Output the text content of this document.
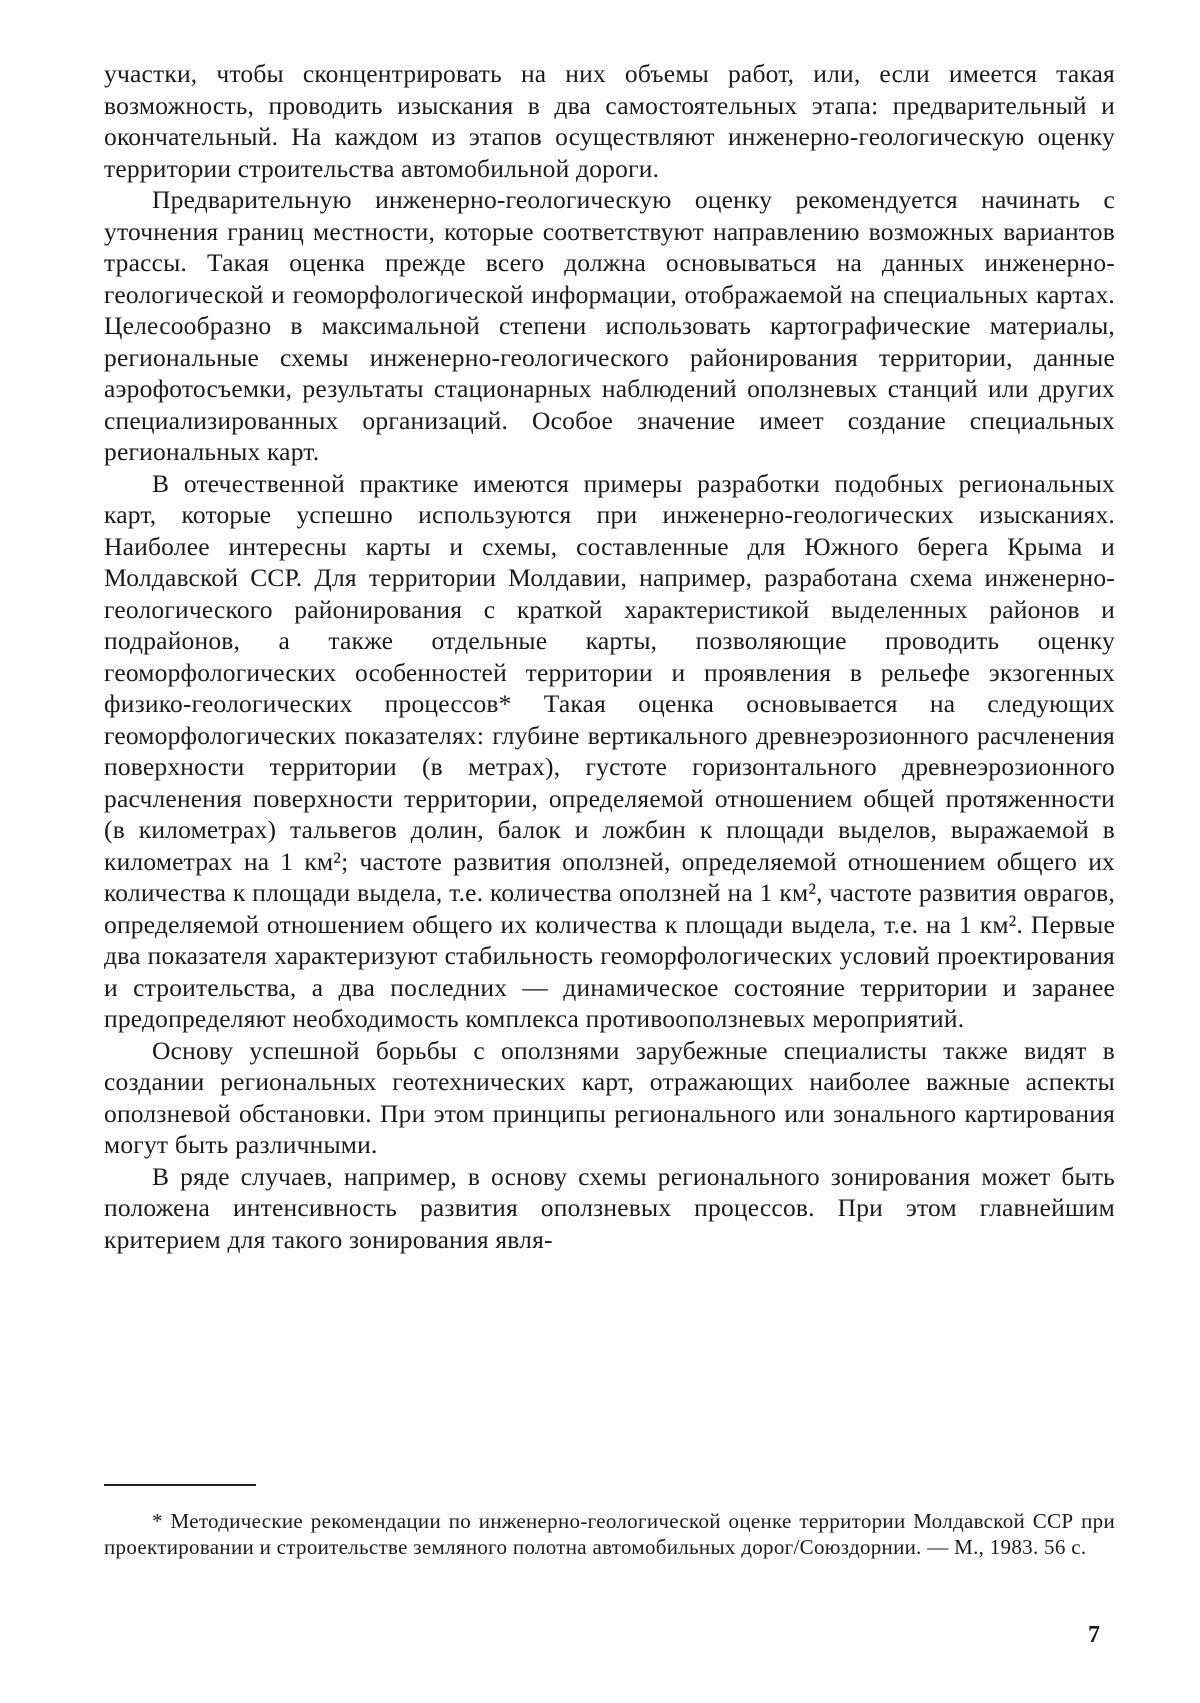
участки, чтобы сконцентрировать на них объемы работ, или, если имеется такая возможность, проводить изыскания в два самостоятельных этапа: предварительный и окончательный. На каждом из этапов осуществляют инженерно-геологическую оценку территории строительства автомобильной дороги.

Предварительную инженерно-геологическую оценку рекомендуется начинать с уточнения границ местности, которые соответствуют направлению возможных вариантов трассы. Такая оценка прежде всего должна основываться на данных инженерно-геологической и геоморфологической информации, отображаемой на специальных картах. Целесообразно в максимальной степени использовать картографические материалы, региональные схемы инженерно-геологического районирования территории, данные аэрофотосъемки, результаты стационарных наблюдений оползневых станций или других специализированных организаций. Особое значение имеет создание специальных региональных карт.

В отечественной практике имеются примеры разработки подобных региональных карт, которые успешно используются при инженерно-геологических изысканиях. Наиболее интересны карты и схемы, составленные для Южного берега Крыма и Молдавской ССР. Для территории Молдавии, например, разработана схема инженерно-геологического районирования с краткой характеристикой выделенных районов и подрайонов, а также отдельные карты, позволяющие проводить оценку геоморфологических особенностей территории и проявления в рельефе экзогенных физико-геологических процессов* Такая оценка основывается на следующих геоморфологических показателях: глубине вертикального древнеэрозионного расчленения поверхности территории (в метрах), густоте горизонтального древнеэрозионного расчленения поверхности территории, определяемой отношением общей протяженности (в километрах) тальвегов долин, балок и ложбин к площади выделов, выражаемой в километрах на 1 км²; частоте развития оползней, определяемой отношением общего их количества к площади выдела, т.е. количества оползней на 1 км², частоте развития оврагов, определяемой отношением общего их количества к площади выдела, т.е. на 1 км². Первые два показателя характеризуют стабильность геоморфологических условий проектирования и строительства, а два последних — динамическое состояние территории и заранее предопределяют необходимость комплекса противооползневых мероприятий.

Основу успешной борьбы с оползнями зарубежные специалисты также видят в создании региональных геотехнических карт, отражающих наиболее важные аспекты оползневой обстановки. При этом принципы регионального или зонального картирования могут быть различными.

В ряде случаев, например, в основу схемы регионального зонирования может быть положена интенсивность развития оползневых процессов. При этом главнейшим критерием для такого зонирования явля-

* Методические рекомендации по инженерно-геологической оценке территории Молдавской ССР при проектировании и строительстве земляного полотна автомобильных дорог/Союздорнии. — М., 1983. 56 с.

7
